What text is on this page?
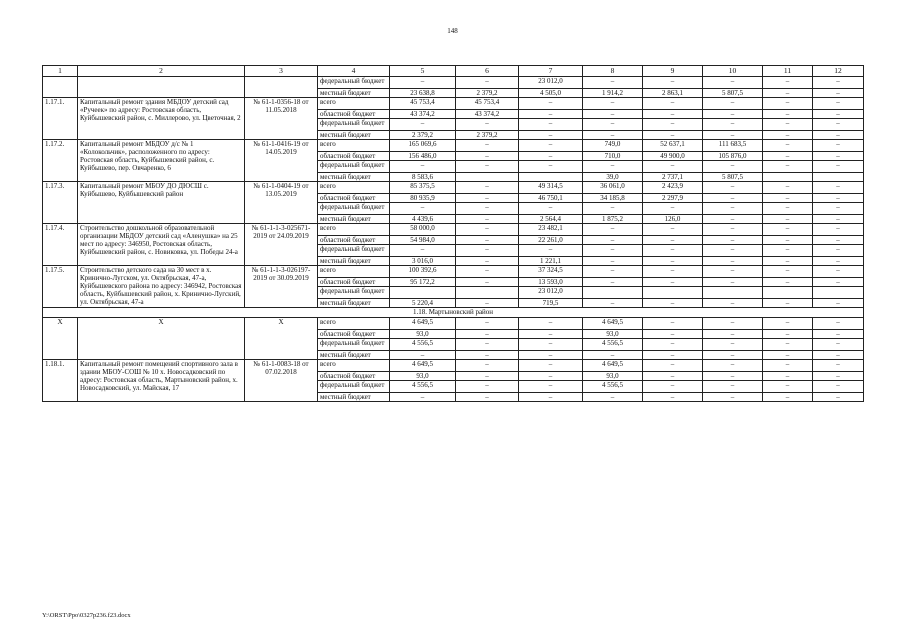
148
1	2	3	4	5	6	7	8	9	10	11	12
			федеральный бюджет	–	–	23 012,0	–	–	–	–	–
			местный бюджет	23 638,8	2 379,2	4 505,0	1 914,2	2 863,1	5 807,5	–	–
1.17.1.	Капитальный ремонт здания МБДОУ детский сад «Ручеек» по адресу: Ростовская область, Куйбышевский район, с. Миллерово, ул. Цветочная, 2	№ 61-1-0356-18 от 11.05.2018	всего	45 753,4	45 753,4	–	–	–	–	–	–
			областной бюджет	43 374,2	43 374,2	–	–	–	–	–	–
			федеральный бюджет	–	–	–	–	–	–	–	–
			местный бюджет	2 379,2	2 379,2	–	–	–	–	–	–
1.17.2.	Капитальный ремонт МБДОУ д/с № 1 «Колокольчик», расположенного по адресу: Ростовская область, Куйбышевский район, с. Куйбышево, пер. Овчаренко, 6	№ 61-1-0416-19 от 14.05.2019	всего	165 069,6	–	–	749,0	52 637,1	111 683,5	–	–
			областной бюджет	156 486,0	–	–	710,0	49 900,0	105 876,0	–	–
			федеральный бюджет	–	–	–	–	–	–	–	–
			местный бюджет	8 583,6			39,0	2 737,1	5 807,5		
1.17.3.	Капитальный ремонт МБОУ ДО ДЮСШ с. Куйбышево, Куйбышевский район	№ 61-1-0404-19 от 13.05.2019	всего	85 375,5	–	49 314,5	36 061,0	2 423,9	–	–	–
			областной бюджет	80 935,9	–	46 750,1	34 185,8	2 297,9	–	–	–
			федеральный бюджет	–	–	–	–	–	–	–	–
			местный бюджет	4 439,6	–	2 564,4	1 875,2	126,0	–	–	–
1.17.4.	Строительство дошкольной образовательной организации МБДОУ детский сад «Аленушка» на 25 мест по адресу: 346950, Ростовская область, Куйбышевский район, с. Новиковка, ул. Победы 24-а	№ 61-1-1-3-025671-2019 от 24.09.2019	всего	58 000,0	–	23 482,1	–	–	–	–	–
			областной бюджет	54 984,0	–	22 261,0	–	–	–	–	–
			федеральный бюджет	–	–	–	–	–	–	–	–
			местный бюджет	3 016,0	–	1 221,1	–	–	–	–	–
1.17.5.	Строительство детского сада на 30 мест в х. Кринично-Лугском, ул. Октябрьская, 47-а, Куйбышевского района по адресу: 346942, Ростовская область, Куйбышевский район, х. Кринично-Лугский, ул. Октябрьская, 47-а	№ 61-1-1-3-026197-2019 от 30.09.2019	всего	100 392,6	–	37 324,5	–	–	–	–	–
			областной бюджет	95 172,2	–	13 593,0	–	–	–	–	–
			федеральный бюджет			23 012,0					
			местный бюджет	5 220,4	–	719,5	–	–	–	–	–
1.18. Мартыновский район											
Х	Х	Х	всего	4 649,5	–	–	4 649,5	–	–	–	–
			областной бюджет	93,0	–	–	93,0	–	–	–	–
			федеральный бюджет	4 556,5	–	–	4 556,5	–	–	–	–
			местный бюджет	–	–	–	–	–	–	–	–
1.18.1.	Капитальный ремонт помещений спортивного зала в здании МБОУ-СОШ № 10 х. Новосадковский по адресу: Ростовская область, Мартыновский район, х. Новосадковский, ул. Майская, 17	№ 61-1-0083-18 от 07.02.2018	всего	4 649,5	–	–	4 649,5	–	–	–	–
			областной бюджет	93,0	–	–	93,0	–	–	–	–
			федеральный бюджет	4 556,5	–	–	4 556,5	–	–	–	–
			местный бюджет	–	–	–	–	–	–	–	–
Y:\ORST\Ppo\0327p236.f23.docx
